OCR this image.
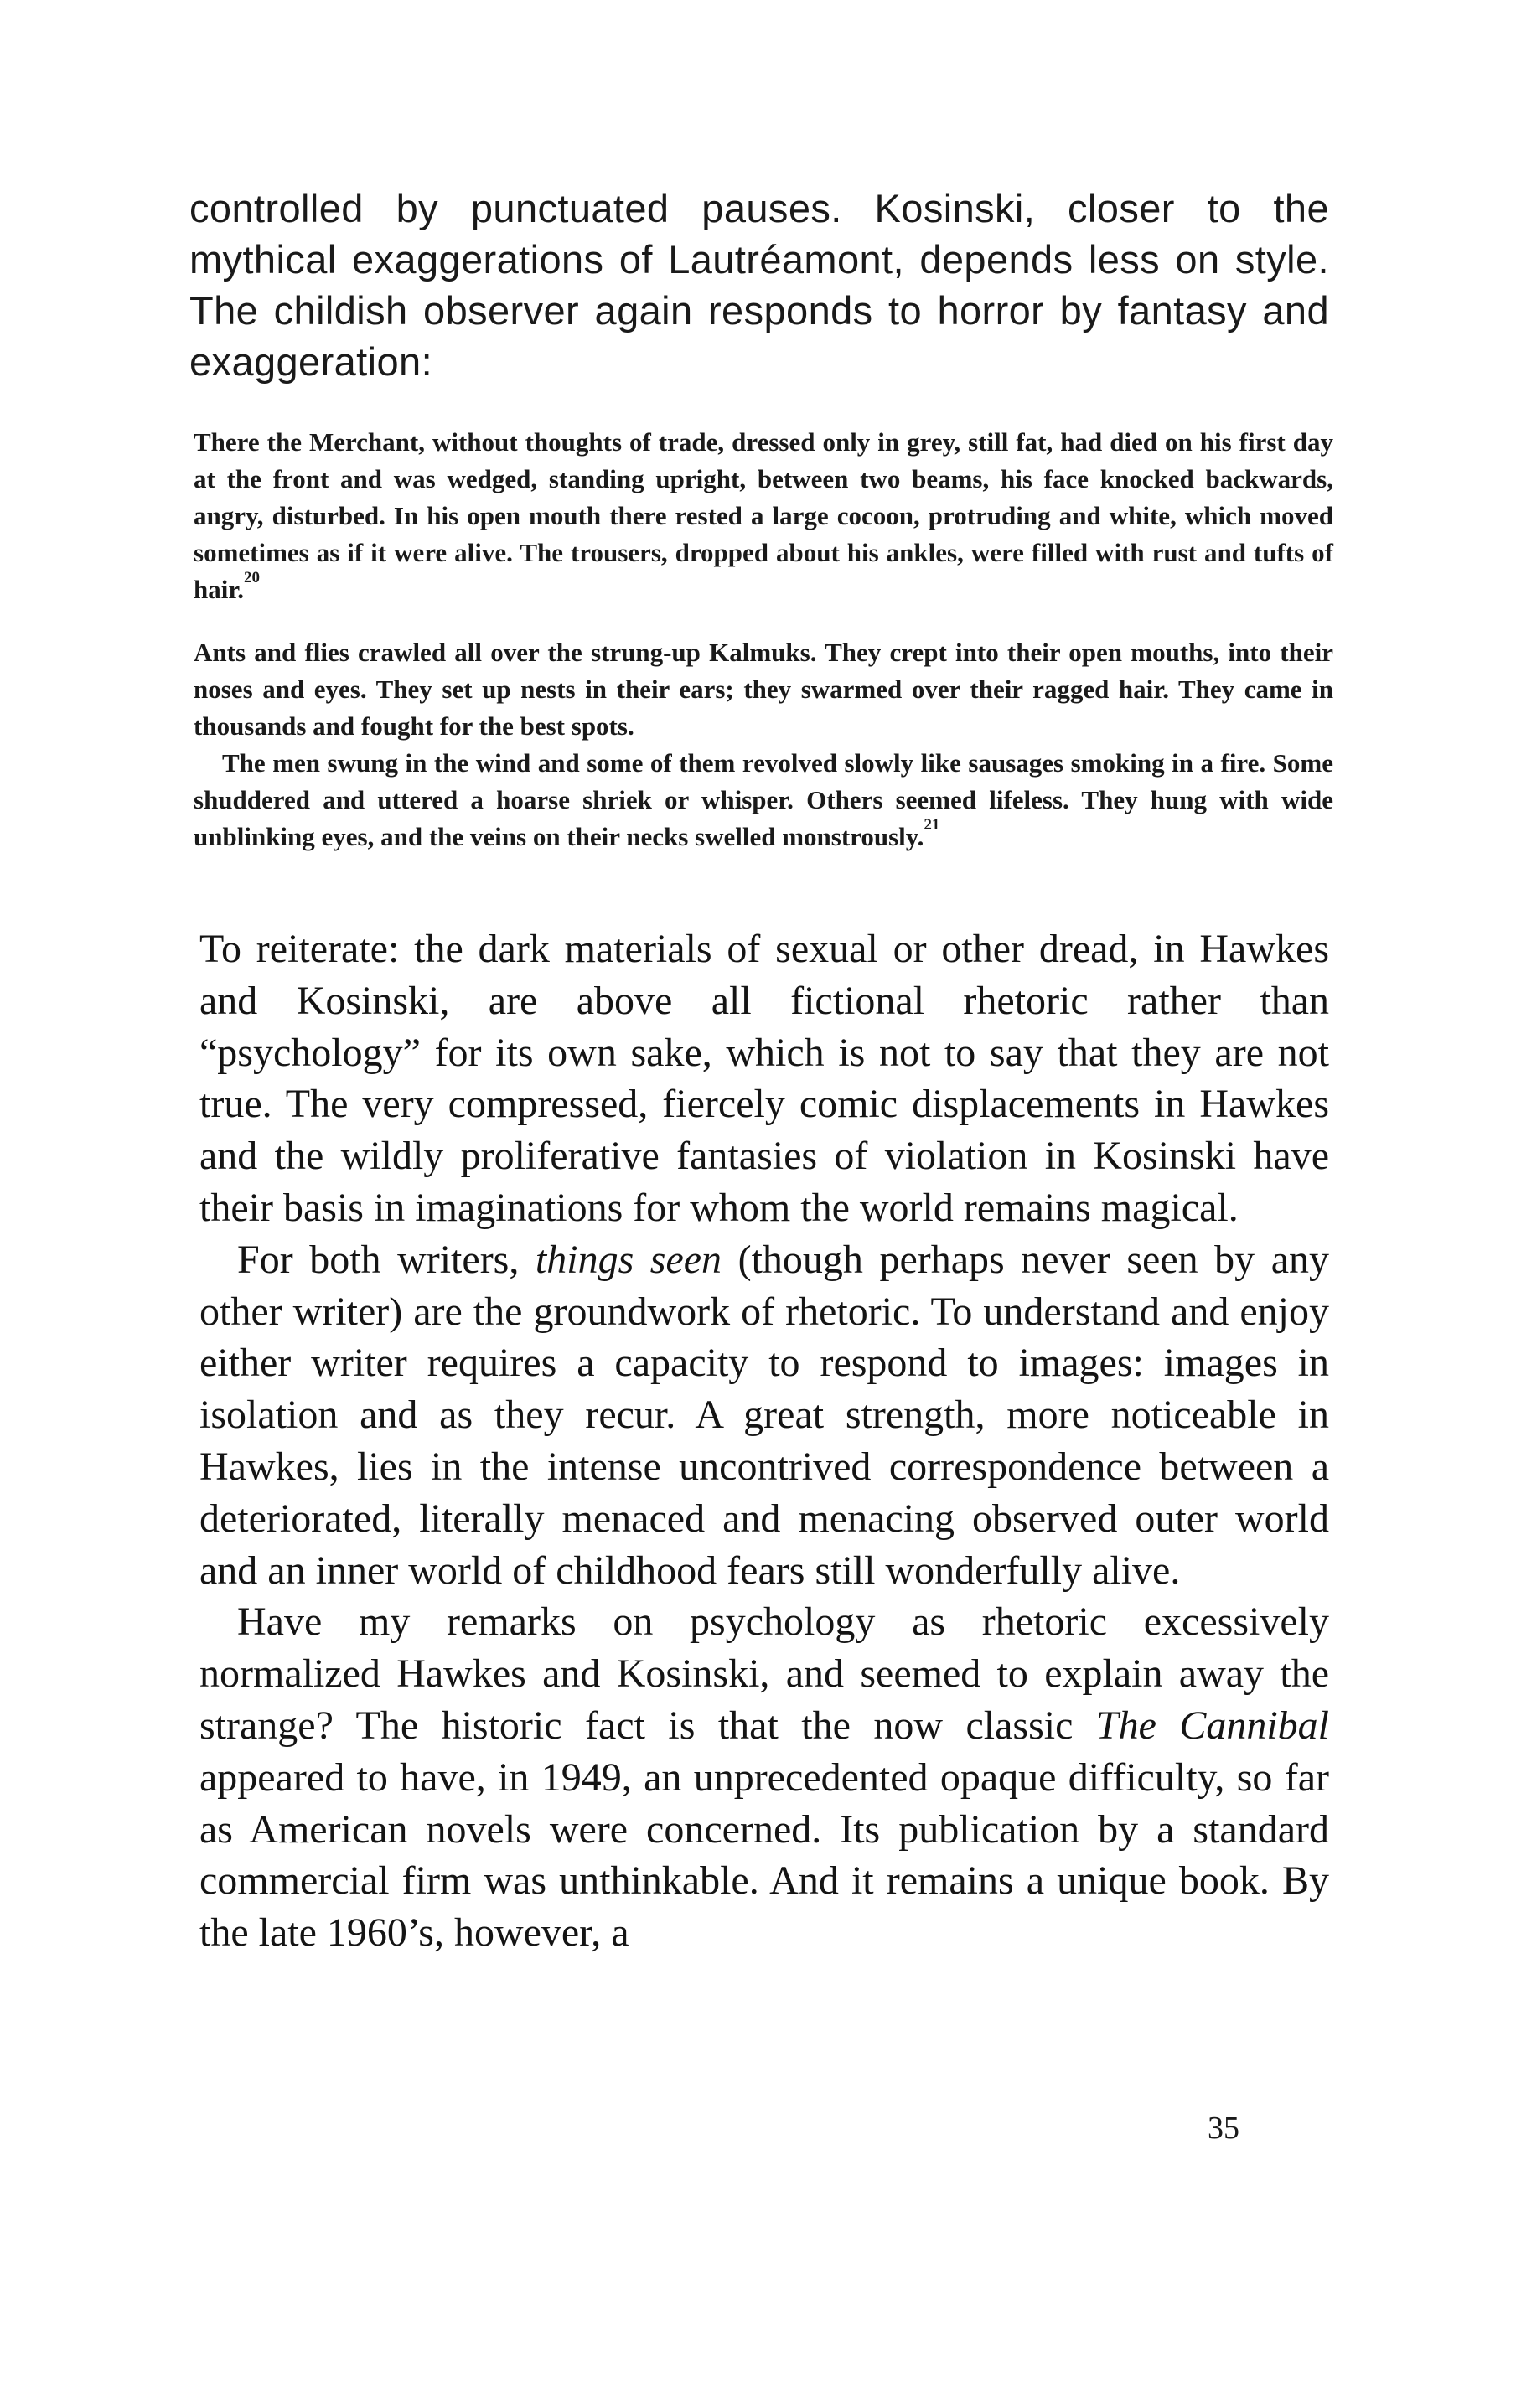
controlled by punctuated pauses. Kosinski, closer to the mythical exaggerations of Lautréamont, depends less on style. The childish observer again responds to horror by fantasy and exaggeration:

There the Merchant, without thoughts of trade, dressed only in grey, still fat, had died on his first day at the front and was wedged, standing upright, between two beams, his face knocked backwards, angry, disturbed. In his open mouth there rested a large cocoon, protruding and white, which moved sometimes as if it were alive. The trousers, dropped about his ankles, were filled with rust and tufts of hair.$^{20}$

Ants and flies crawled all over the strung-up Kalmuks. They crept into their open mouths, into their noses and eyes. They set up nests in their ears; they swarmed over their ragged hair. They came in thousands and fought for the best spots.

The men swung in the wind and some of them revolved slowly like sausages smoking in a fire. Some shuddered and uttered a hoarse shriek or whisper. Others seemed lifeless. They hung with wide unblinking eyes, and the veins on their necks swelled monstrously.$^{21}$

To reiterate: the dark materials of sexual or other dread, in Hawkes and Kosinski, are above all fictional rhetoric rather than “psychology” for its own sake, which is not to say that they are not true. The very compressed, fiercely comic displacements in Hawkes and the wildly proliferative fantasies of violation in Kosinski have their basis in imaginations for whom the world remains magical.

For both writers, things seen (though perhaps never seen by any other writer) are the groundwork of rhetoric. To understand and enjoy either writer requires a capacity to respond to images: images in isolation and as they recur. A great strength, more noticeable in Hawkes, lies in the intense uncontrived correspondence between a deteriorated, literally menaced and menacing observed outer world and an inner world of childhood fears still wonderfully alive.

Have my remarks on psychology as rhetoric excessively normalized Hawkes and Kosinski, and seemed to explain away the strange? The historic fact is that the now classic The Cannibal appeared to have, in 1949, an unprecedented opaque difficulty, so far as American novels were concerned. Its publication by a standard commercial firm was unthinkable. And it remains a unique book. By the late 1960’s, however, a

35
